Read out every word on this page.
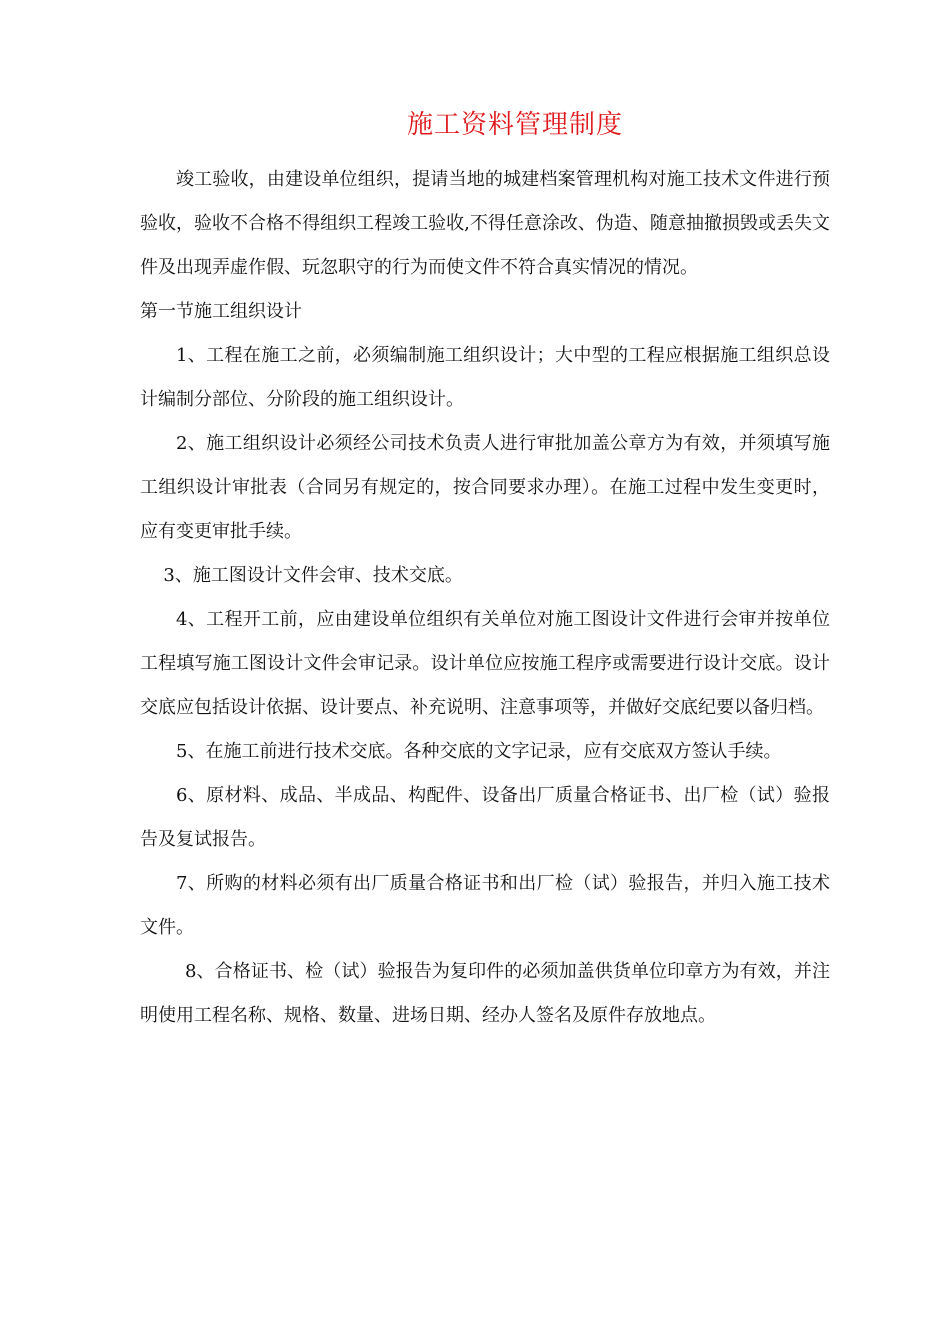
施工资料管理制度

竣工验收，由建设单位组织，提请当地的城建档案管理机构对施工技术文件进行预验收，验收不合格不得组织工程竣工验收,不得任意涂改、伪造、随意抽撤损毁或丢失文件及出现弄虚作假、玩忽职守的行为而使文件不符合真实情况的情况。

第一节施工组织设计

1、工程在施工之前，必须编制施工组织设计；大中型的工程应根据施工组织总设计编制分部位、分阶段的施工组织设计。

2、施工组织设计必须经公司技术负责人进行审批加盖公章方为有效，并须填写施工组织设计审批表（合同另有规定的，按合同要求办理）。在施工过程中发生变更时，应有变更审批手续。

3、施工图设计文件会审、技术交底。

4、工程开工前，应由建设单位组织有关单位对施工图设计文件进行会审并按单位工程填写施工图设计文件会审记录。设计单位应按施工程序或需要进行设计交底。设计交底应包括设计依据、设计要点、补充说明、注意事项等，并做好交底纪要以备归档。

5、在施工前进行技术交底。各种交底的文字记录，应有交底双方签认手续。

6、原材料、成品、半成品、构配件、设备出厂质量合格证书、出厂检（试）验报告及复试报告。

7、所购的材料必须有出厂质量合格证书和出厂检（试）验报告，并归入施工技术文件。

8、合格证书、检（试）验报告为复印件的必须加盖供货单位印章方为有效，并注明使用工程名称、规格、数量、进场日期、经办人签名及原件存放地点。
